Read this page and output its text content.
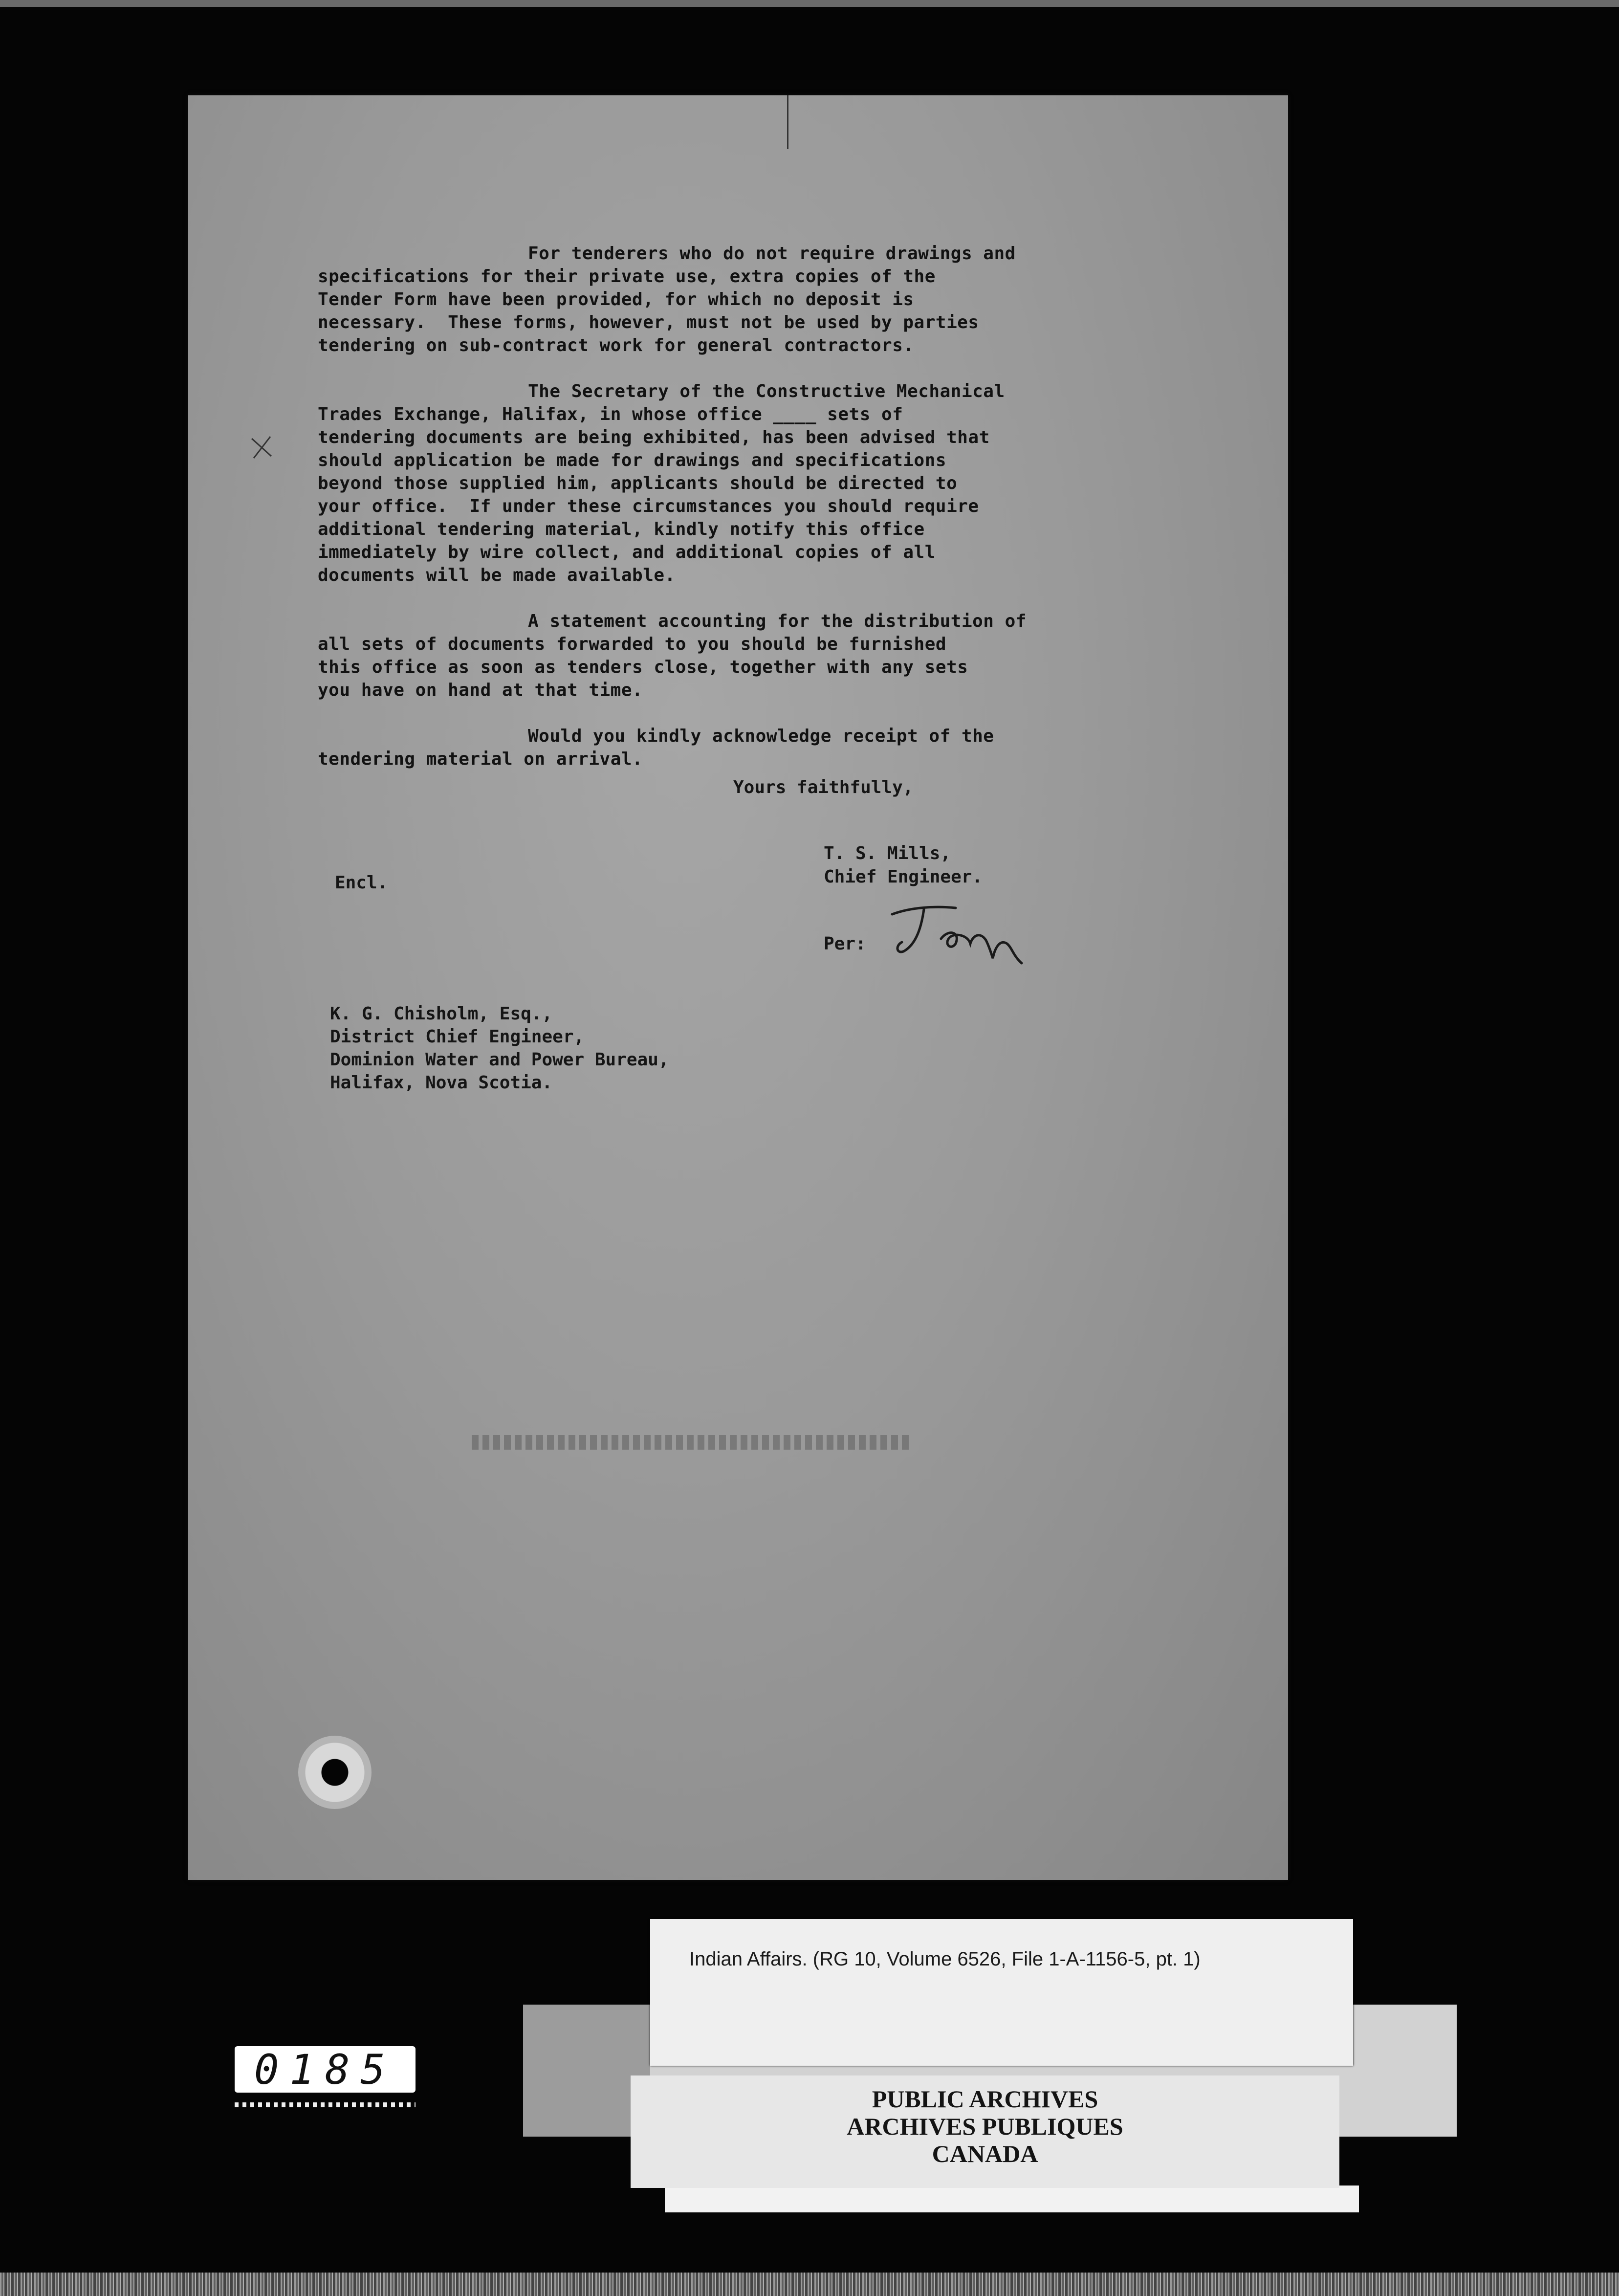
For tenderers who do not require drawings and
specifications for their private use, extra copies of the
Tender Form have been provided, for which no deposit is
necessary.  These forms, however, must not be used by parties
tendering on sub-contract work for general contractors.
The Secretary of the Constructive Mechanical
Trades Exchange, Halifax, in whose office ____ sets of
tendering documents are being exhibited, has been advised that
should application be made for drawings and specifications
beyond those supplied him, applicants should be directed to
your office.  If under these circumstances you should require
additional tendering material, kindly notify this office
immediately by wire collect, and additional copies of all
documents will be made available.
A statement accounting for the distribution of
all sets of documents forwarded to you should be furnished
this office as soon as tenders close, together with any sets
you have on hand at that time.
Would you kindly acknowledge receipt of the
tendering material on arrival.
Yours faithfully,
T. S. Mills,
Chief Engineer.
Encl.
Per:
K. G. Chisholm, Esq.,
District Chief Engineer,
Dominion Water and Power Bureau,
Halifax, Nova Scotia.
Indian Affairs. (RG 10, Volume 6526, File 1-A-1156-5, pt. 1)
PUBLIC ARCHIVES
ARCHIVES PUBLIQUES
CANADA
0185
